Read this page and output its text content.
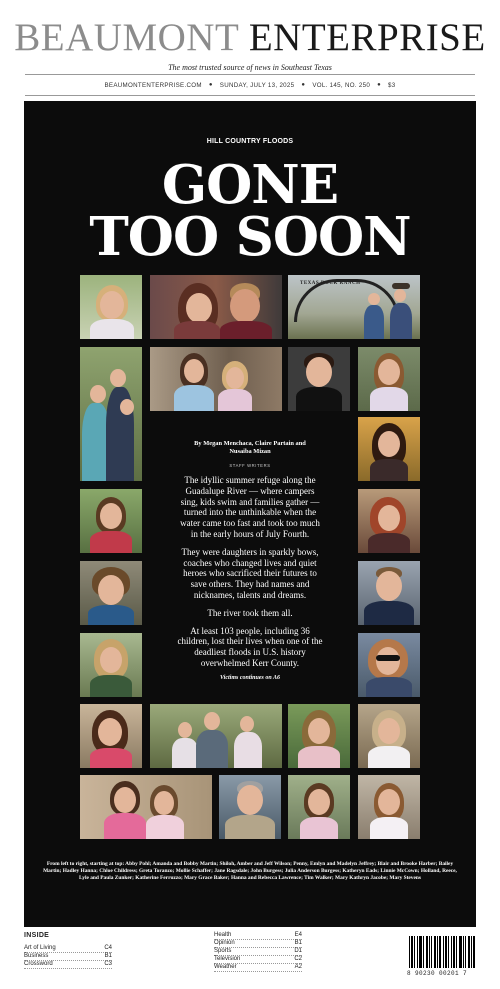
BEAUMONT ENTERPRISE
The most trusted source of news in Southeast Texas
BEAUMONTENTERPRISE.COM	●	SUNDAY, JULY 13, 2025	●	VOL. 145, NO. 250	●	$3
HILL COUNTRY FLOODS
GONE
TOO SOON
TEXAS ROCK RANCH
By Megan Menchaca, Claire Partain and Nusaiba Mizan
STAFF WRITERS

The idyllic summer refuge along the Guadalupe River — where campers sing, kids swim and families gather — turned into the unthinkable when the water came too fast and took too much in the early hours of July Fourth.

They were daughters in sparkly bows, coaches who changed lives and quiet heroes who sacrificed their futures to save others. They had names and nicknames, talents and dreams.

The river took them all.

At least 103 people, including 36 children, lost their lives when one of the deadliest floods in U.S. history overwhelmed Kerr County.

Victims continues on A6
From left to right, starting at top: Abby Pohl; Amanda and Bobby Martin; Shiloh, Amber and Jeff Wilson; Penny, Emlyn and Madelyn Jeffrey; Blair and Brooke Harber; Bailey Martin; Hadley Hanna; Chloe Childress; Greta Toranzo; Mollie Schaffer; Jane Ragsdale; John Burgess; Julia Anderson Burgess; Katheryn Eads; Linnie McCown; Holland, Reece, Lyle and Paula Zunker; Katherine Ferruzzo; Mary Grace Baker; Hanna and Rebecca Lawrence; Tim Walker; Mary Kathryn Jacobe; Mary Stevens
INSIDE
Art of Living	C4
Business	B1
Crossword	C3
Health	E4
Opinion	B1
Sports	D1
Television	C2
Weather	A2
8 90230 00201 7
